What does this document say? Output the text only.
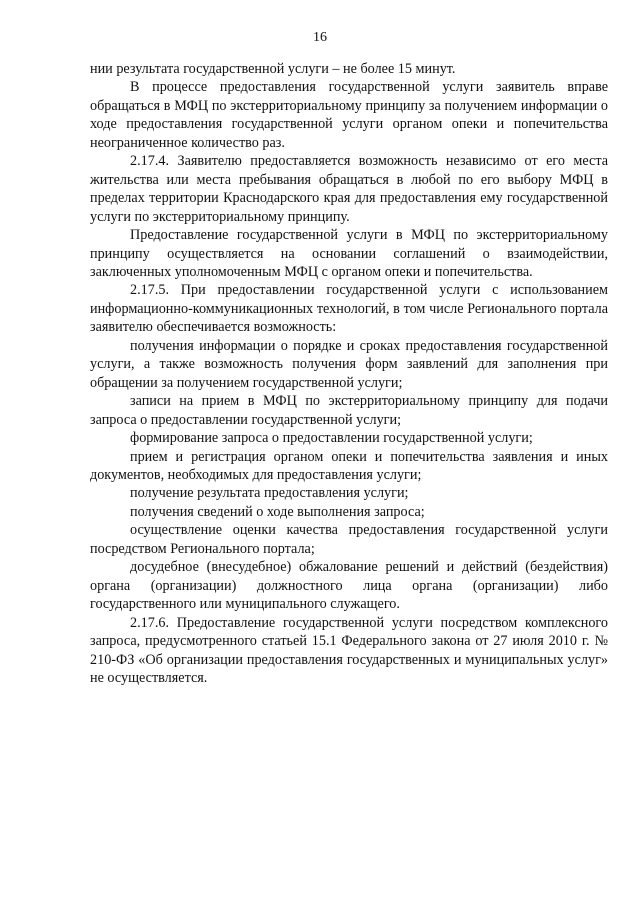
16

нии результата государственной услуги – не более 15 минут.

В процессе предоставления государственной услуги заявитель вправе обращаться в МФЦ по экстерриториальному принципу за получением информации о ходе предоставления государственной услуги органом опеки и попечительства неограниченное количество раз.

2.17.4. Заявителю предоставляется возможность независимо от его места жительства или места пребывания обращаться в любой по его выбору МФЦ в пределах территории Краснодарского края для предоставления ему государственной услуги по экстерриториальному принципу.

Предоставление государственной услуги в МФЦ по экстерриториальному принципу осуществляется на основании соглашений о взаимодействии, заключенных уполномоченным МФЦ с органом опеки и попечительства.

2.17.5. При предоставлении государственной услуги с использованием информационно-коммуникационных технологий, в том числе Регионального портала заявителю обеспечивается возможность:

получения информации о порядке и сроках предоставления государственной услуги, а также возможность получения форм заявлений для заполнения при обращении за получением государственной услуги;

записи на прием в МФЦ по экстерриториальному принципу для подачи запроса о предоставлении государственной услуги;

формирование запроса о предоставлении государственной услуги;

прием и регистрация органом опеки и попечительства заявления и иных документов, необходимых для предоставления услуги;

получение результата предоставления услуги;

получения сведений о ходе выполнения запроса;

осуществление оценки качества предоставления государственной услуги посредством Регионального портала;

досудебное (внесудебное) обжалование решений и действий (бездействия) органа (организации) должностного лица органа (организации) либо государственного или муниципального служащего.

2.17.6. Предоставление государственной услуги посредством комплексного запроса, предусмотренного статьей 15.1 Федерального закона от 27 июля 2010 г. № 210-ФЗ «Об организации предоставления государственных и муниципальных услуг» не осуществляется.
